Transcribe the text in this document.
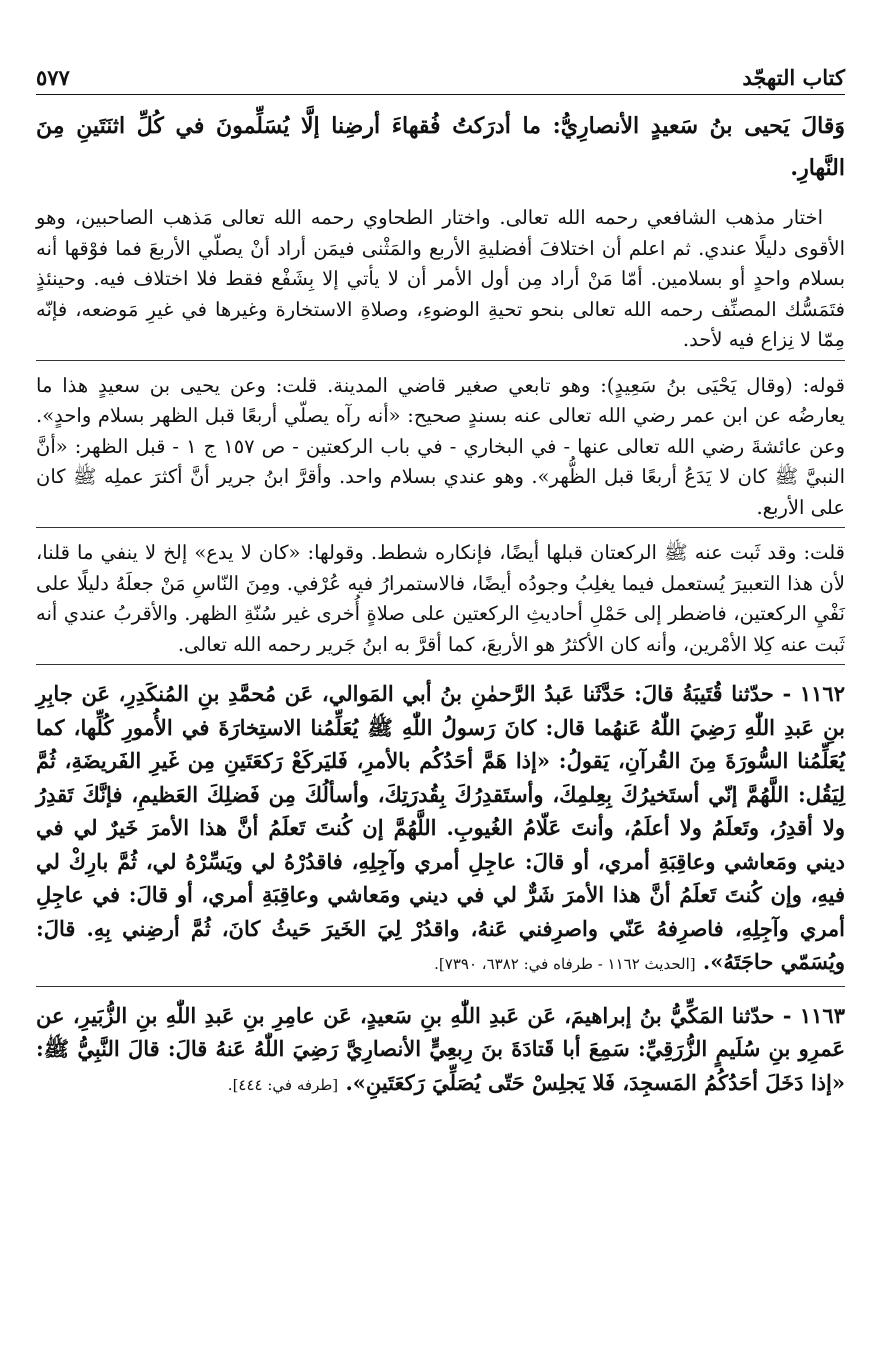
كتاب التهجّد
٥٧٧
وَقالَ يَحيى بنُ سَعيدٍ الأنصارِيُّ: ما أدرَكتُ فُقهاءَ أرضِنا إلَّا يُسَلِّمونَ في كُلِّ اثنَتَينِ مِنَ النَّهارِ.
اختار مذهب الشافعي رحمه الله تعالى. واختار الطحاوي رحمه الله تعالى مَذهب الصاحبين، وهو الأقوى دليلًا عندي. ثم اعلم أن اختلافَ أفضليةِ الأربع والمَثْنى فيمَن أراد أنْ يصلّي الأربعَ فما فوْقها أنه بسلام واحدٍ أو بسلامين. أمّا مَنْ أراد مِن أول الأمر أن لا يأتي إلا بِشَفْع فقط فلا اختلاف فيه. وحينئذٍ فتَمَسُّك المصنِّف رحمه الله تعالى بنحو تحيةِ الوضوءِ، وصلاةِ الاستخارة وغيرها في غيرِ مَوضعه، فإنّه مِمّا لا نِزاع فيه لأحد.
قوله: (وقال يَحْيَى بنُ سَعِيدٍ): وهو تابعي صغير قاضي المدينة. قلت: وعن يحيى بن سعيدٍ هذا ما يعارضُه عن ابن عمر رضي الله تعالى عنه بسندٍ صحيح: «أنه رآه يصلّي أربعًا قبل الظهر بسلام واحدٍ». وعن عائشةَ رضي الله تعالى عنها - في البخاري - في باب الركعتين - ص ١٥٧ ج ١ - قبل الظهر: «أنَّ النبيَّ ﷺ كان لا يَدَعُ أربعًا قبل الظُّهر». وهو عندي بسلام واحد. وأقرَّ ابنُ جرير أنَّ أكثرَ عملِه ﷺ كان على الأربع.
قلت: وقد ثَبت عنه ﷺ الركعتان قبلها أيضًا، فإنكاره شطط. وقولها: «كان لا يدع» إلخ لا ينفي ما قلنا، لأن هذا التعبيرَ يُستعمل فيما يغلِبُ وجودُه أيضًا، فالاستمرارُ فيه عُرْفي. ومِنَ النّاسِ مَنْ جعلَهُ دليلًا على نَفْيِ الركعتين، فاضطر إلى حَمْلِ أحاديثِ الركعتين على صلاةٍ أُخرى غير سُنّةِ الظهر. والأقربُ عندي أنه ثَبت عنه كِلا الأمْرين، وأنه كان الأكثرُ هو الأربعَ، كما أقرَّ به ابنُ جَرير رحمه الله تعالى.
١١٦٢ - حدّثنا قُتَيبَةُ قالَ: حَدَّثَنا عَبدُ الرَّحمٰنِ بنُ أبي المَوالي، عَن مُحمَّدِ بنِ المُنكَدِرِ، عَن جابِرِ بنِ عَبدِ اللّٰهِ رَضِيَ اللّٰهُ عَنهُما قال: كانَ رَسولُ اللّٰهِ ﷺ يُعَلِّمُنا الاستِخارَةَ في الأُمورِ كُلِّها، كما يُعَلِّمُنا السُّورَةَ مِنَ القُرآنِ، يَقولُ: «إذا هَمَّ أحَدُكُم بالأمرِ، فَليَركَعْ رَكعَتَينِ مِن غَيرِ الفَريضَةِ، ثُمَّ لِيَقُل: اللَّهُمَّ إنّي أستَخيرُكَ بِعِلمِكَ، وأستَقدِرُكَ بِقُدرَتِكَ، وأسألُكَ مِن فَضلِكَ العَظيمِ، فإنَّكَ تَقدِرُ ولا أقدِرُ، وتَعلَمُ ولا أعلَمُ، وأنتَ عَلّامُ الغُيوبِ. اللَّهُمَّ إن كُنتَ تَعلَمُ أنَّ هذا الأمرَ خَيرٌ لي في ديني ومَعاشي وعاقِبَةِ أمري، أو قالَ: عاجِلِ أمري وآجِلِهِ، فاقدُرْهُ لي ويَسِّرْهُ لي، ثُمَّ بارِكْ لي فيهِ، وإن كُنتَ تَعلَمُ أنَّ هذا الأمرَ شَرٌّ لي في ديني ومَعاشي وعاقِبَةِ أمري، أو قالَ: في عاجِلِ أمري وآجِلِهِ، فاصرِفهُ عَنّي واصرِفني عَنهُ، واقدُرْ لِيَ الخَيرَ حَيثُ كانَ، ثُمَّ أرضِني بِهِ. قالَ: ويُسَمّي حاجَتَهُ». [الحديث ١١٦٢ - طرفاه في: ٦٣٨٢، ٧٣٩٠].
١١٦٣ - حدّثنا المَكِّيُّ بنُ إبراهيمَ، عَن عَبدِ اللّٰهِ بنِ سَعيدٍ، عَن عامِرِ بنِ عَبدِ اللّٰهِ بنِ الزُّبَيرِ، عن عَمرِو بنِ سُلَيمٍ الزُّرَقِيِّ: سَمِعَ أبا قَتادَةَ بنَ رِبعِيٍّ الأنصارِيَّ رَضِيَ اللّٰهُ عَنهُ قالَ: قالَ النَّبِيُّ ﷺ: «إذا دَخَلَ أحَدُكُمُ المَسجِدَ، فَلا يَجلِسْ حَتّى يُصَلِّيَ رَكعَتَينِ». [طرفه في: ٤٤٤].
